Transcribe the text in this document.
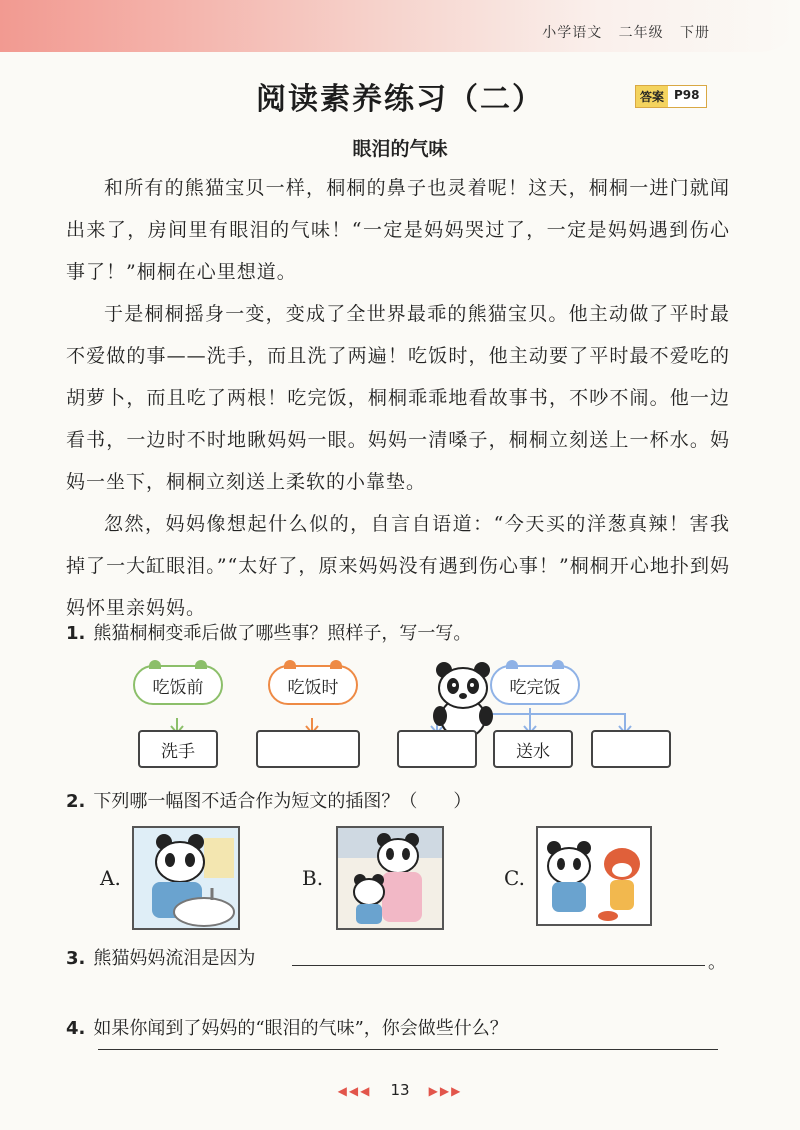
小学语文 二年级 下册
阅读素养练习（二）	答案 P98
眼泪的气味

和所有的熊猫宝贝一样，桐桐的鼻子也灵着呢！这天，桐桐一进门就闻出来了，房间里有眼泪的气味！“一定是妈妈哭过了，一定是妈妈遇到伤心事了！”桐桐在心里想道。

于是桐桐摇身一变，变成了全世界最乖的熊猫宝贝。他主动做了平时最不爱做的事——洗手，而且洗了两遍！吃饭时，他主动要了平时最不爱吃的胡萝卜，而且吃了两根！吃完饭，桐桐乖乖地看故事书，不吵不闹。他一边看书，一边时不时地瞅妈妈一眼。妈妈一清嗓子，桐桐立刻送上一杯水。妈妈一坐下，桐桐立刻送上柔软的小靠垫。

忽然，妈妈像想起什么似的，自言自语道：“今天买的洋葱真辣！害我掉了一大缸眼泪。”“太好了，原来妈妈没有遇到伤心事！”桐桐开心地扑到妈妈怀里亲妈妈。

1. 熊猫桐桐变乖后做了哪些事？照样子，写一写。
吃饭前	吃饭时	吃完饭
洗手	送水
2. 下列哪一幅图不适合作为短文的插图？（　　）
A.	B.	C.
3. 熊猫妈妈流泪是因为	。
4. 如果你闻到了妈妈的“眼泪的气味”，你会做些什么？
◀◀◀ 13 ▶▶▶
